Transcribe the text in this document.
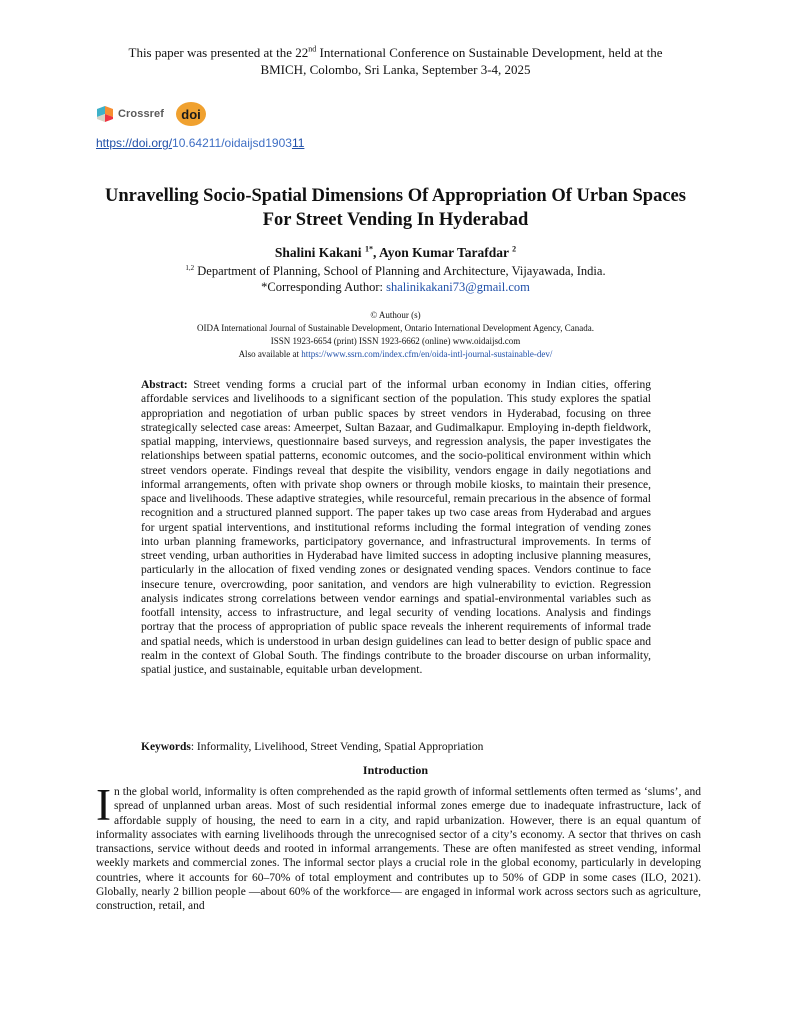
This paper was presented at the 22nd International Conference on Sustainable Development, held at the
BMICH, Colombo, Sri Lanka, September 3-4, 2025
Crossref doi
https://doi.org/10.64211/oidaijsd190311
Unravelling Socio-Spatial Dimensions Of Appropriation Of Urban Spaces For Street Vending In Hyderabad
Shalini Kakani $^{1*}$, Ayon Kumar Tarafdar $^2$
$^{1,2}$ Department of Planning, School of Planning and Architecture, Vijayawada, India.
*Corresponding Author: shalinikakani73@gmail.com
© Authour (s)
OIDA International Journal of Sustainable Development, Ontario International Development Agency, Canada.
ISSN 1923-6654 (print) ISSN 1923-6662 (online) www.oidaijsd.com
Also available at https://www.ssrn.com/index.cfm/en/oida-intl-journal-sustainable-dev/
Abstract: Street vending forms a crucial part of the informal urban economy in Indian cities, offering affordable services and livelihoods to a significant section of the population. This study explores the spatial appropriation and negotiation of urban public spaces by street vendors in Hyderabad, focusing on three strategically selected case areas: Ameerpet, Sultan Bazaar, and Gudimalkapur. Employing in-depth fieldwork, spatial mapping, interviews, questionnaire based surveys, and regression analysis, the paper investigates the relationships between spatial patterns, economic outcomes, and the socio-political environment within which street vendors operate. Findings reveal that despite the visibility, vendors engage in daily negotiations and informal arrangements, often with private shop owners or through mobile kiosks, to maintain their presence, space and livelihoods. These adaptive strategies, while resourceful, remain precarious in the absence of formal recognition and a structured planned support. The paper takes up two case areas from Hyderabad and argues for urgent spatial interventions, and institutional reforms including the formal integration of vending zones into urban planning frameworks, participatory governance, and infrastructural improvements. In terms of street vending, urban authorities in Hyderabad have limited success in adopting inclusive planning measures, particularly in the allocation of fixed vending zones or designated vending spaces. Vendors continue to face insecure tenure, overcrowding, poor sanitation, and vendors are high vulnerability to eviction. Regression analysis indicates strong correlations between vendor earnings and spatial-environmental variables such as footfall intensity, access to infrastructure, and legal security of vending locations. Analysis and findings portray that the process of appropriation of public space reveals the inherent requirements of informal trade and spatial needs, which is understood in urban design guidelines can lead to better design of public space and realm in the context of Global South. The findings contribute to the broader discourse on urban informality, spatial justice, and sustainable, equitable urban development.
Keywords: Informality, Livelihood, Street Vending, Spatial Appropriation
Introduction
In the global world, informality is often comprehended as the rapid growth of informal settlements often termed as ‘slums’, and spread of unplanned urban areas. Most of such residential informal zones emerge due to inadequate infrastructure, lack of affordable supply of housing, the need to earn in a city, and rapid urbanization. However, there is an equal quantum of informality associates with earning livelihoods through the unrecognised sector of a city’s economy. A sector that thrives on cash transactions, service without deeds and rooted in informal arrangements. These are often manifested as street vending, informal weekly markets and commercial zones. The informal sector plays a crucial role in the global economy, particularly in developing countries, where it accounts for 60–70% of total employment and contributes up to 50% of GDP in some cases (ILO, 2021). Globally, nearly 2 billion people —about 60% of the workforce— are engaged in informal work across sectors such as agriculture, construction, retail, and
